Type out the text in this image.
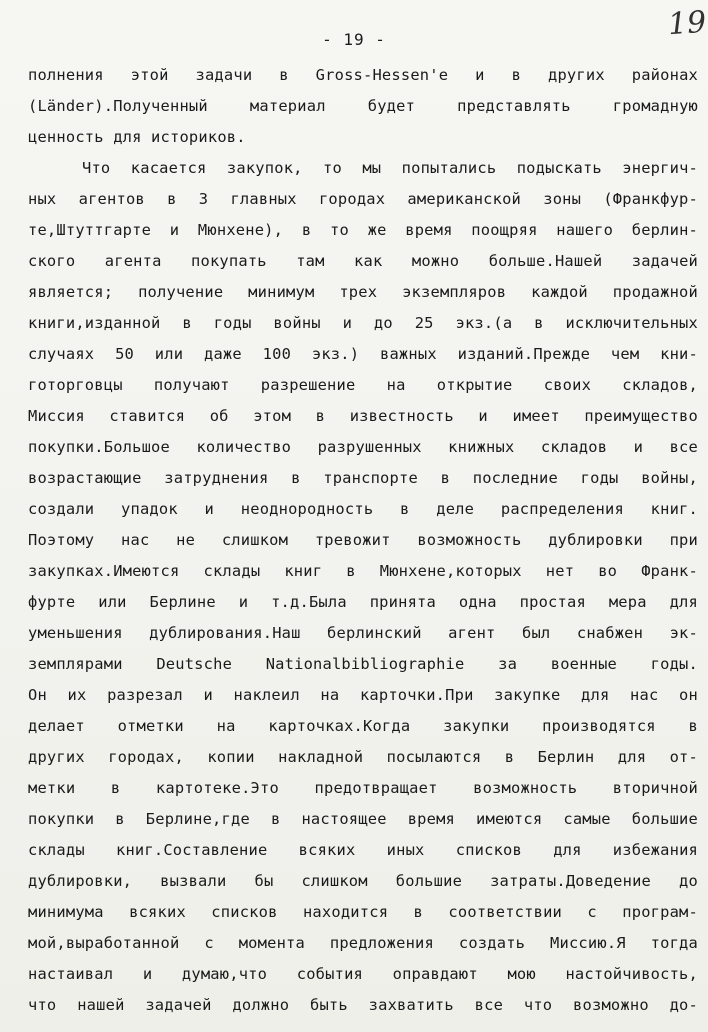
- 19 -	19
полнения этой задачи в Gross-Hessen'e и в других районах
(Länder).Полученный материал будет представлять громадную
ценность для историков.
Что касается закупок, то мы попытались подыскать энергич-
ных агентов в 3 главных городах американской зоны (Франкфур-
те,Штуттгарте и Мюнхене), в то же время поощряя нашего берлин-
ского агента покупать там как можно больше.Нашей задачей
является; получение минимум трех экземпляров каждой продажной
книги,изданной в годы войны и до 25 экз.(а в исключительных
случаях 50 или даже 100 экз.) важных изданий.Прежде чем кни-
готорговцы получают разрешение на открытие своих складов,
Миссия ставится об этом в известность и имеет преимущество
покупки.Большое количество разрушенных книжных складов и все
возрастающие затруднения в транспорте в последние годы войны,
создали упадок и неоднородность в деле распределения книг.
Поэтому нас не слишком тревожит возможность дублировки при
закупках.Имеются склады книг в Мюнхене,которых нет во Франк-
фурте или Берлине и т.д.Была принята одна простая мера для
уменьшения дублирования.Наш берлинский агент был снабжен эк-
земплярами Deutsche Nationalbibliographie за военные годы.
Он их разрезал и наклеил на карточки.При закупке для нас он
делает отметки на карточках.Когда закупки производятся в
других городах, копии накладной посылаются в Берлин для от-
метки в картотеке.Это предотвращает возможность вторичной
покупки в Берлине,где в настоящее время имеются самые большие
склады книг.Составление всяких иных списков для избежания
дублировки, вызвали бы слишком большие затраты.Доведение до
минимума всяких списков находится в соответствии с програм-
мой,выработанной с момента предложения создать Миссию.Я тогда
настаивал и думаю,что события оправдают мою настойчивость,
что нашей задачей должно быть захватить все что возможно до-
